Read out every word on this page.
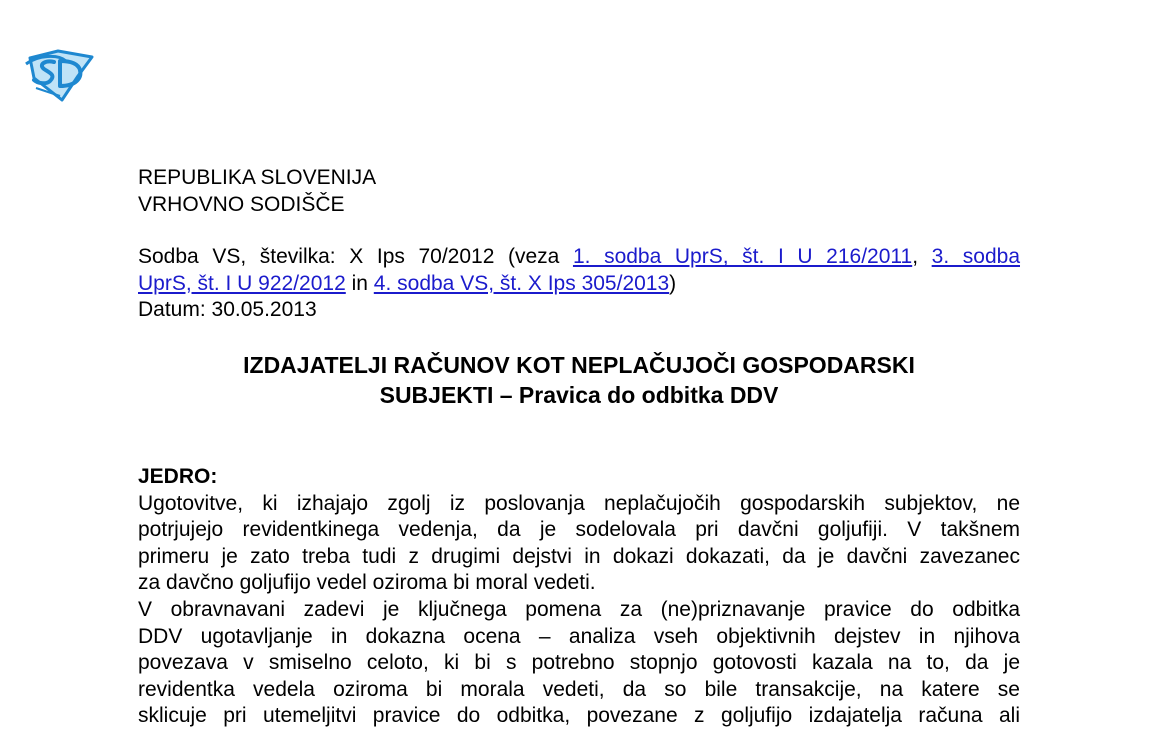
REPUBLIKA SLOVENIJA
VRHOVNO SODIŠČE
Sodba VS, številka: X Ips 70/2012 (veza 1. sodba UprS, št. I U 216/2011, 3. sodba
UprS, št. I U 922/2012 in 4. sodba VS, št. X Ips 305/2013)
Datum: 30.05.2013
IZDAJATELJI RAČUNOV KOT NEPLAČUJOČI GOSPODARSKI
SUBJEKTI – Pravica do odbitka DDV
JEDRO:
Ugotovitve, ki izhajajo zgolj iz poslovanja neplačujočih gospodarskih subjektov, ne
potrjujejo revidentkinega vedenja, da je sodelovala pri davčni goljufiji. V takšnem
primeru je zato treba tudi z drugimi dejstvi in dokazi dokazati, da je davčni zavezanec
za davčno goljufijo vedel oziroma bi moral vedeti.
V obravnavani zadevi je ključnega pomena za (ne)priznavanje pravice do odbitka
DDV ugotavljanje in dokazna ocena – analiza vseh objektivnih dejstev in njihova
povezava v smiselno celoto, ki bi s potrebno stopnjo gotovosti kazala na to, da je
revidentka vedela oziroma bi morala vedeti, da so bile transakcije, na katere se
sklicuje pri utemeljitvi pravice do odbitka, povezane z goljufijo izdajatelja računa ali
